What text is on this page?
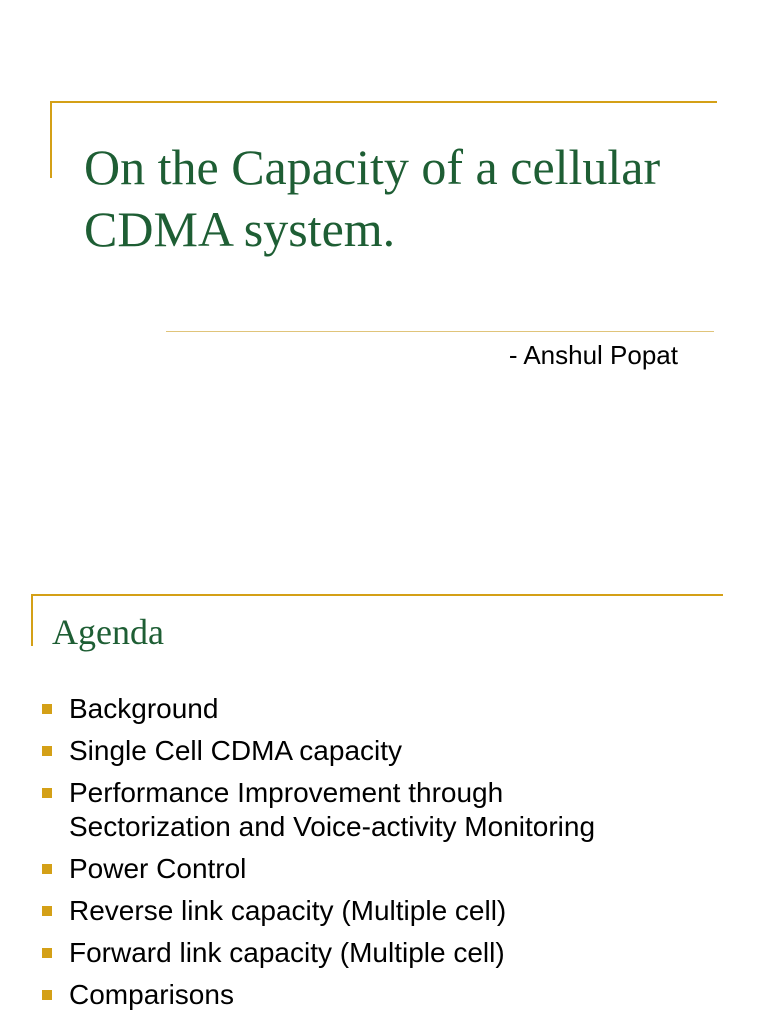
On the Capacity of a cellular
CDMA system.

- Anshul Popat

Agenda
Background
Single Cell CDMA capacity
Performance Improvement through
Sectorization and Voice-activity Monitoring
Power Control
Reverse link capacity (Multiple cell)
Forward link capacity (Multiple cell)
Comparisons
